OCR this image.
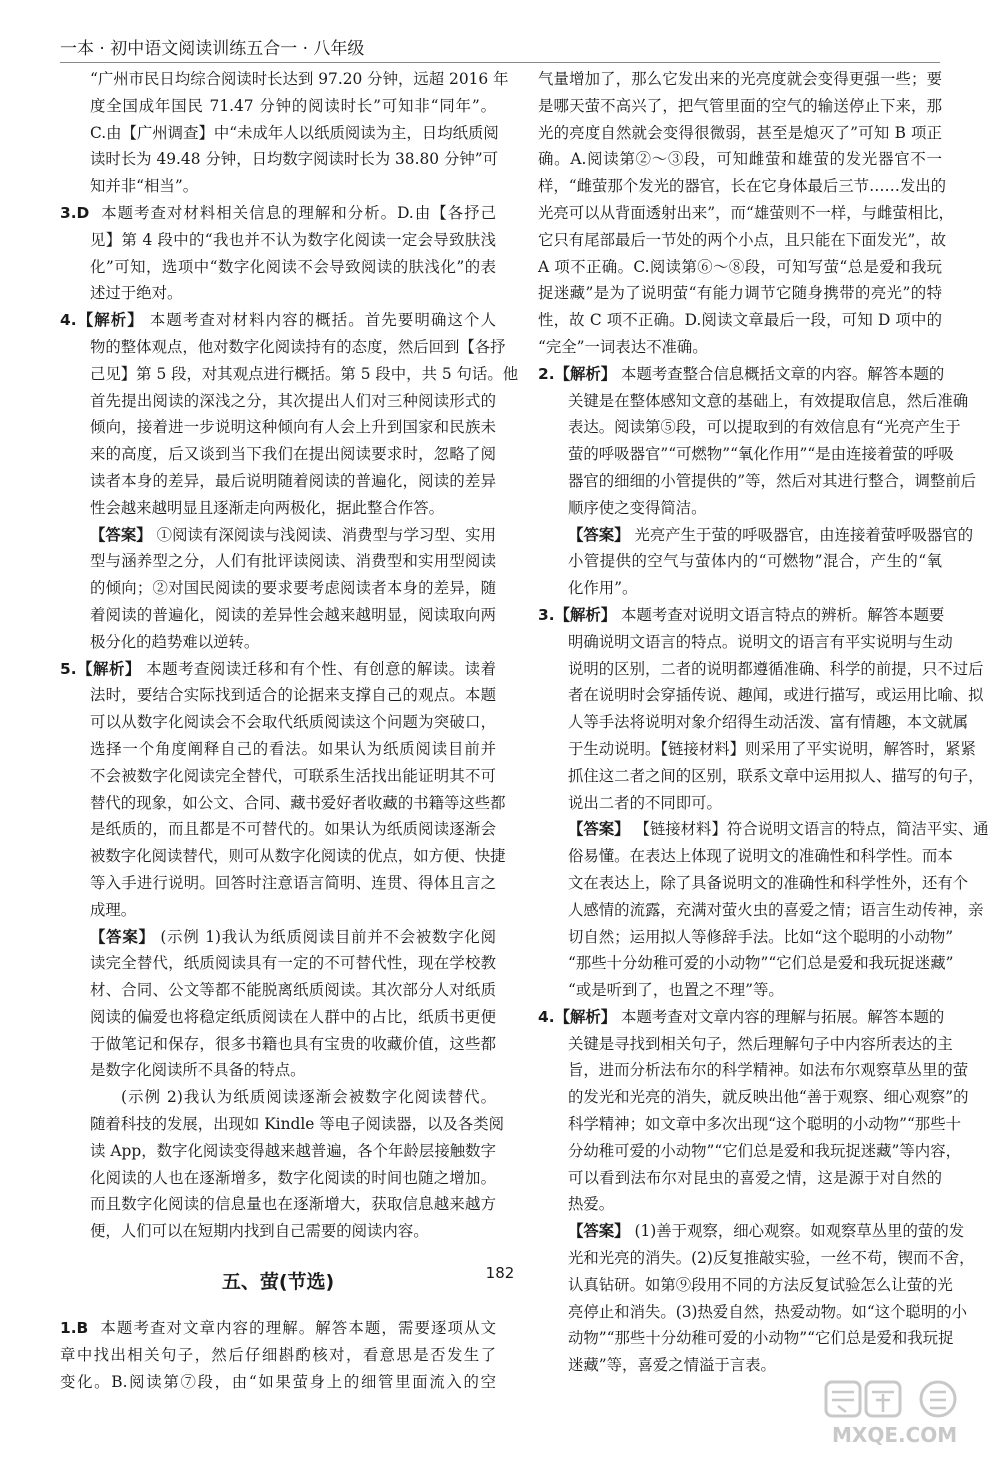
一本 · 初中语文阅读训练五合一 · 八年级
“广州市民日均综合阅读时长达到 97.20 分钟，远超 2016 年
度全国成年国民 71.47 分钟的阅读时长”可知非“同年”。
C.由【广州调查】中“未成年人以纸质阅读为主，日均纸质阅
读时长为 49.48 分钟，日均数字阅读时长为 38.80 分钟”可
知并非“相当”。
3.D 本题考查对材料相关信息的理解和分析。D.由【各抒己
见】第 4 段中的“我也并不认为数字化阅读一定会导致肤浅
化”可知，选项中“数字化阅读不会导致阅读的肤浅化”的表
述过于绝对。
4.【解析】 本题考查对材料内容的概括。首先要明确这个人
物的整体观点，他对数字化阅读持有的态度，然后回到【各抒
己见】第 5 段，对其观点进行概括。第 5 段中，共 5 句话。他
首先提出阅读的深浅之分，其次提出人们对三种阅读形式的
倾向，接着进一步说明这种倾向有人会上升到国家和民族未
来的高度，后又谈到当下我们在提出阅读要求时，忽略了阅
读者本身的差异，最后说明随着阅读的普遍化，阅读的差异
性会越来越明显且逐渐走向两极化，据此整合作答。
【答案】 ①阅读有深阅读与浅阅读、消费型与学习型、实用
型与涵养型之分，人们有批评读阅读、消费型和实用型阅读
的倾向；②对国民阅读的要求要考虑阅读者本身的差异，随
着阅读的普遍化，阅读的差异性会越来越明显，阅读取向两
极分化的趋势难以逆转。
5.【解析】 本题考查阅读迁移和有个性、有创意的解读。读着
法时，要结合实际找到适合的论据来支撑自己的观点。本题
可以从数字化阅读会不会取代纸质阅读这个问题为突破口，
选择一个角度阐释自己的看法。如果认为纸质阅读目前并
不会被数字化阅读完全替代，可联系生活找出能证明其不可
替代的现象，如公文、合同、藏书爱好者收藏的书籍等这些都
是纸质的，而且都是不可替代的。如果认为纸质阅读逐渐会
被数字化阅读替代，则可从数字化阅读的优点，如方便、快捷
等入手进行说明。回答时注意语言简明、连贯、得体且言之
成理。
【答案】 (示例 1)我认为纸质阅读目前并不会被数字化阅
读完全替代，纸质阅读具有一定的不可替代性，现在学校教
材、合同、公文等都不能脱离纸质阅读。其次部分人对纸质
阅读的偏爱也将稳定纸质阅读在人群中的占比，纸质书更便
于做笔记和保存，很多书籍也具有宝贵的收藏价值，这些都
是数字化阅读所不具备的特点。
(示例 2)我认为纸质阅读逐渐会被数字化阅读替代。
随着科技的发展，出现如 Kindle 等电子阅读器，以及各类阅
读 App，数字化阅读变得越来越普遍，各个年龄层接触数字
化阅读的人也在逐渐增多，数字化阅读的时间也随之增加。
而且数字化阅读的信息量也在逐渐增大，获取信息越来越方
便，人们可以在短期内找到自己需要的阅读内容。
五、萤(节选)
1.B 本题考查对文章内容的理解。解答本题，需要逐项从文
章中找出相关句子，然后仔细斟酌核对，看意思是否发生了
变化。B.阅读第⑦段，由“如果萤身上的细管里面流入的空
气量增加了，那么它发出来的光亮度就会变得更强一些；要
是哪天萤不高兴了，把气管里面的空气的输送停止下来，那
光的亮度自然就会变得很微弱，甚至是熄灭了”可知 B 项正
确。A.阅读第②～③段，可知雌萤和雄萤的发光器官不一
样，“雌萤那个发光的器官，长在它身体最后三节……发出的
光亮可以从背面透射出来”，而“雄萤则不一样，与雌萤相比，
它只有尾部最后一节处的两个小点，且只能在下面发光”，故
A 项不正确。C.阅读第⑥～⑧段，可知写萤“总是爱和我玩
捉迷藏”是为了说明萤“有能力调节它随身携带的亮光”的特
性，故 C 项不正确。D.阅读文章最后一段，可知 D 项中的
“完全”一词表达不准确。
2.【解析】 本题考查整合信息概括文章的内容。解答本题的
关键是在整体感知文意的基础上，有效提取信息，然后准确
表达。阅读第⑤段，可以提取到的有效信息有“光亮产生于
萤的呼吸器官”“可燃物”“氧化作用”“是由连接着萤的呼吸
器官的细细的小管提供的”等，然后对其进行整合，调整前后
顺序使之变得简洁。
【答案】 光亮产生于萤的呼吸器官，由连接着萤呼吸器官的
小管提供的空气与萤体内的“可燃物”混合，产生的“氧
化作用”。
3.【解析】 本题考查对说明文语言特点的辨析。解答本题要
明确说明文语言的特点。说明文的语言有平实说明与生动
说明的区别，二者的说明都遵循准确、科学的前提，只不过后
者在说明时会穿插传说、趣闻，或进行描写，或运用比喻、拟
人等手法将说明对象介绍得生动活泼、富有情趣，本文就属
于生动说明。【链接材料】则采用了平实说明，解答时，紧紧
抓住这二者之间的区别，联系文章中运用拟人、描写的句子，
说出二者的不同即可。
【答案】 【链接材料】符合说明文语言的特点，简洁平实、通
俗易懂。在表达上体现了说明文的准确性和科学性。而本
文在表达上，除了具备说明文的准确性和科学性外，还有个
人感情的流露，充满对萤火虫的喜爱之情；语言生动传神，亲
切自然；运用拟人等修辞手法。比如“这个聪明的小动物”
“那些十分幼稚可爱的小动物”“它们总是爱和我玩捉迷藏”
“或是听到了，也置之不理”等。
4.【解析】 本题考查对文章内容的理解与拓展。解答本题的
关键是寻找到相关句子，然后理解句子中内容所表达的主
旨，进而分析法布尔的科学精神。如法布尔观察草丛里的萤
的发光和光亮的消失，就反映出他“善于观察、细心观察”的
科学精神；如文章中多次出现“这个聪明的小动物”“那些十
分幼稚可爱的小动物”“它们总是爱和我玩捉迷藏”等内容，
可以看到法布尔对昆虫的喜爱之情，这是源于对自然的
热爱。
【答案】 (1)善于观察，细心观察。如观察草丛里的萤的发
光和光亮的消失。(2)反复推敲实验，一丝不苟，锲而不舍，
认真钻研。如第⑨段用不同的方法反复试验怎么让萤的光
亮停止和消失。(3)热爱自然，热爱动物。如“这个聪明的小
动物”“那些十分幼稚可爱的小动物”“它们总是爱和我玩捉
迷藏”等，喜爱之情溢于言表。
182
MXQE.COM
